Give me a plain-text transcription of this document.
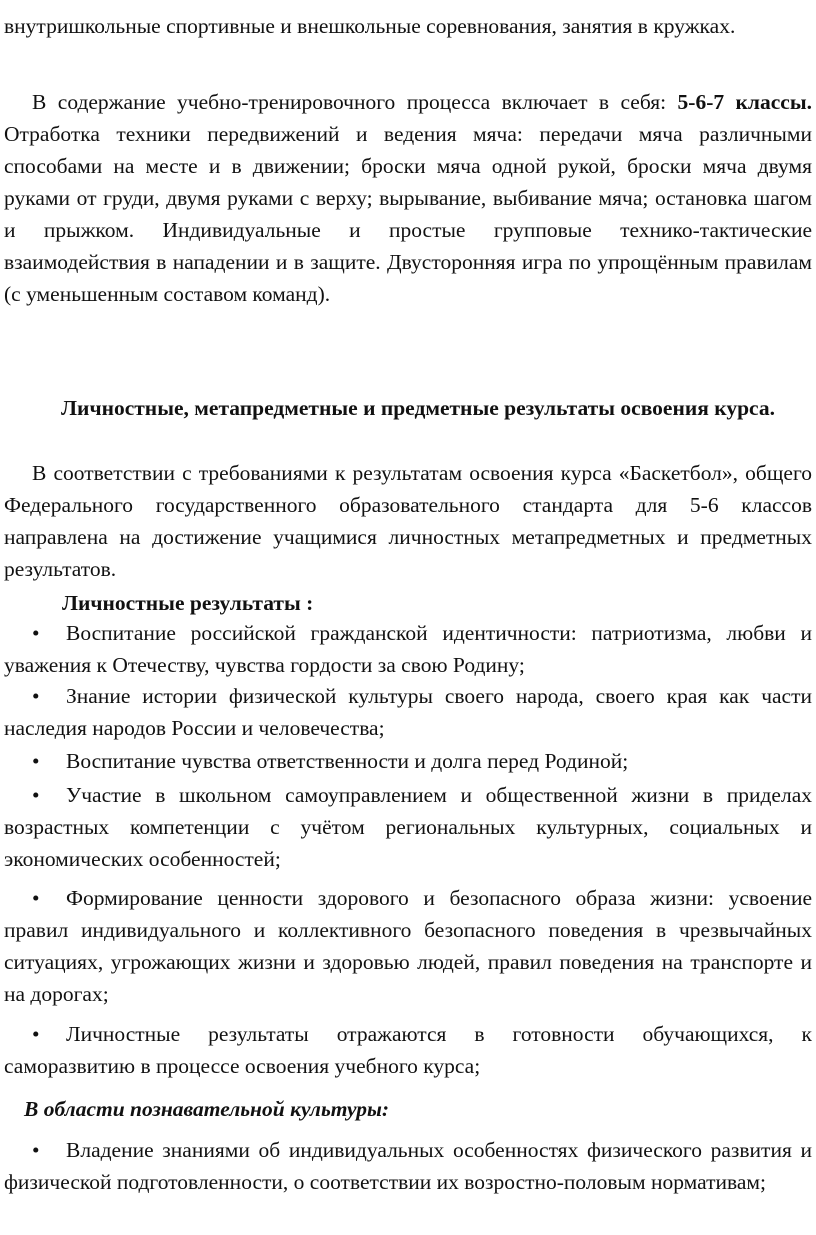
внутришкольные спортивные и внешкольные соревнования, занятия в кружках.

В содержание учебно-тренировочного процесса включает в себя: 5-6-7 классы. Отработка техники передвижений и ведения мяча: передачи мяча различными способами на месте и в движении; броски мяча одной рукой, броски мяча двумя руками от груди, двумя руками с верху; вырывание, выбивание мяча; остановка шагом и прыжком. Индивидуальные и простые групповые технико-тактические взаимодействия в нападении и в защите. Двусторонняя игра по упрощённым правилам (с уменьшенным составом команд).

Личностные, метапредметные и предметные результаты освоения курса.

В соответствии с требованиями к результатам освоения курса «Баскетбол», общего Федерального государственного образовательного стандарта для 5-6 классов направлена на достижение учащимися личностных метапредметных и предметных результатов.

Личностные результаты :

• Воспитание российской гражданской идентичности: патриотизма, любви и уважения к Отечеству, чувства гордости за свою Родину;

• Знание истории физической культуры своего народа, своего края как части наследия народов России и человечества;

• Воспитание чувства ответственности и долга перед Родиной;

• Участие в школьном самоуправлением и общественной жизни в приделах возрастных компетенции с учётом региональных культурных, социальных и экономических особенностей;

• Формирование ценности здорового и безопасного образа жизни: усвоение правил индивидуального и коллективного безопасного поведения в чрезвычайных ситуациях, угрожающих жизни и здоровью людей, правил поведения на транспорте и на дорогах;

• Личностные результаты отражаются в готовности обучающихся, к саморазвитию в процессе освоения учебного курса;

В области познавательной культуры:

• Владение знаниями об индивидуальных особенностях физического развития и физической подготовленности, о соответствии их возростно-половым нормативам;
